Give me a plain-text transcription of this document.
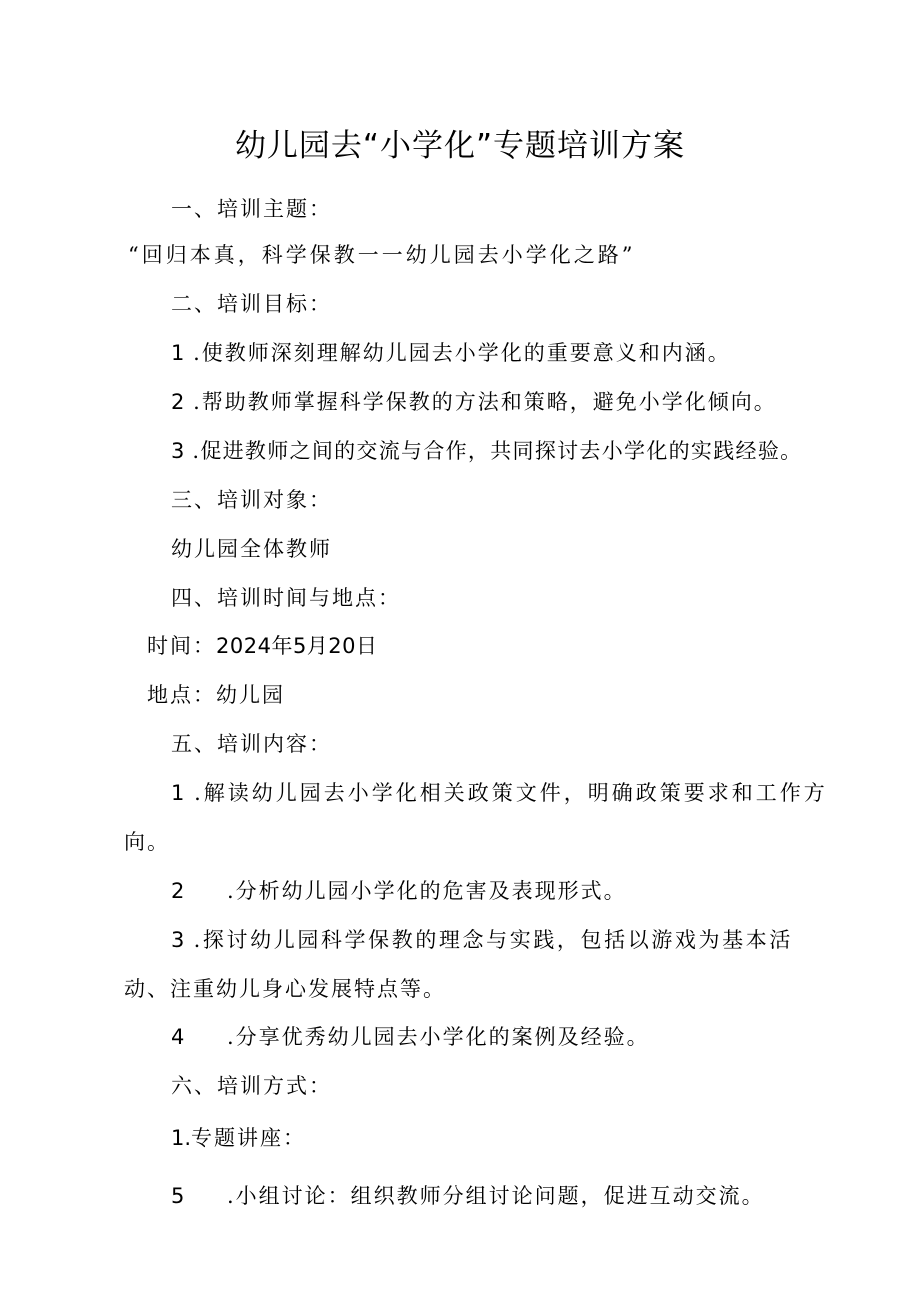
幼儿园去“小学化”专题培训方案
一、培训主题：
“回归本真，科学保教一一幼儿园去小学化之路”
二、培训目标：
1 .使教师深刻理解幼儿园去小学化的重要意义和内涵。
2 .帮助教师掌握科学保教的方法和策略，避免小学化倾向。
3 .促进教师之间的交流与合作，共同探讨去小学化的实践经验。
三、培训对象：
幼儿园全体教师
四、培训时间与地点：
时间：2024年5月20日
地点：幼儿园
五、培训内容：
1 .解读幼儿园去小学化相关政策文件，明确政策要求和工作方
向。
2 .分析幼儿园小学化的危害及表现形式。
3 .探讨幼儿园科学保教的理念与实践，包括以游戏为基本活
动、注重幼儿身心发展特点等。
4 .分享优秀幼儿园去小学化的案例及经验。
六、培训方式：
1.专题讲座：
5 .小组讨论：组织教师分组讨论问题，促进互动交流。
